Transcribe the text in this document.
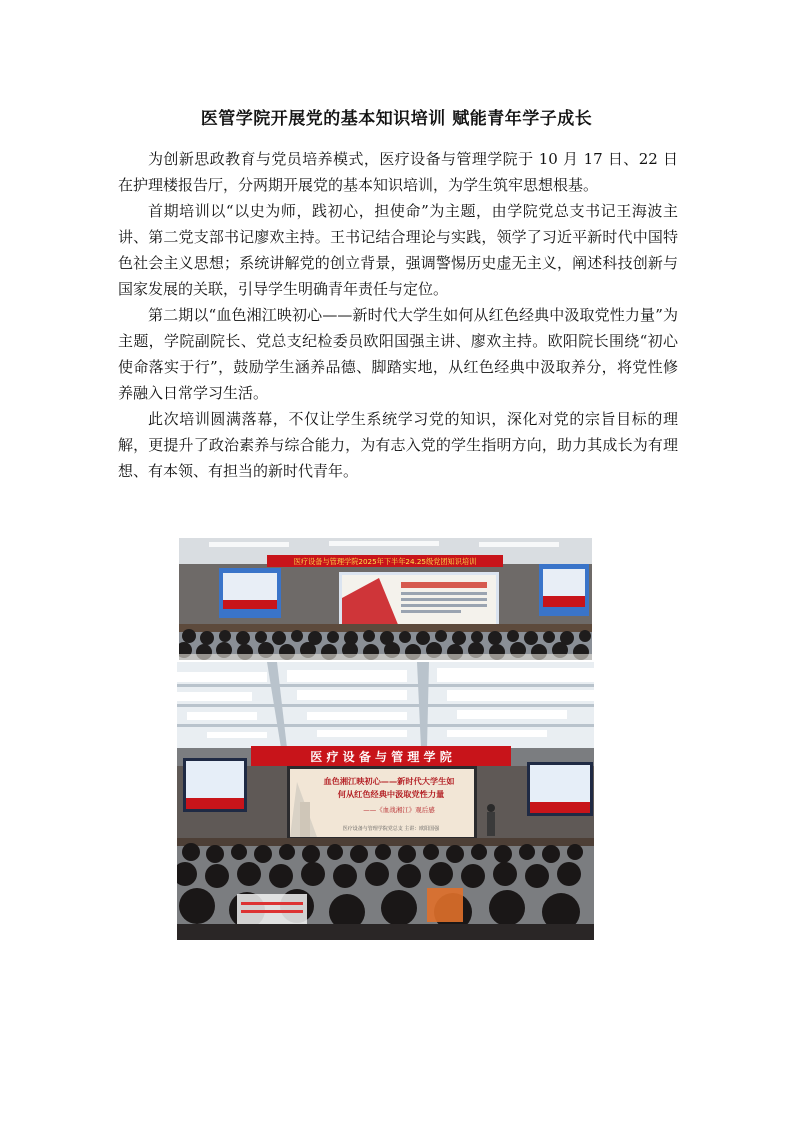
医管学院开展党的基本知识培训 赋能青年学子成长

为创新思政教育与党员培养模式，医疗设备与管理学院于 10 月 17 日、22 日在护理楼报告厅，分两期开展党的基本知识培训，为学生筑牢思想根基。

首期培训以“以史为师，践初心，担使命”为主题，由学院党总支书记王海波主讲、第二党支部书记廖欢主持。王书记结合理论与实践，领学了习近平新时代中国特色社会主义思想；系统讲解党的创立背景，强调警惕历史虚无主义，阐述科技创新与国家发展的关联，引导学生明确青年责任与定位。

第二期以“血色湘江映初心——新时代大学生如何从红色经典中汲取党性力量”为主题，学院副院长、党总支纪检委员欧阳国强主讲、廖欢主持。欧阳院长围绕“初心使命落实于行”，鼓励学生涵养品德、脚踏实地，从红色经典中汲取养分，将党性修养融入日常学习生活。

此次培训圆满落幕，不仅让学生系统学习党的知识，深化对党的宗旨目标的理解，更提升了政治素养与综合能力，为有志入党的学生指明方向，助力其成长为有理想、有本领、有担当的新时代青年。

医疗设备与管理学院2025年下半年24.25级党团知识培训
医 疗 设 备 与 管 理 学 院
血色湘江映初心——新时代大学生如
何从红色经典中汲取党性力量
——《血战湘江》观后感
医疗设备与管理学院党总支 主讲：欧阳国强
